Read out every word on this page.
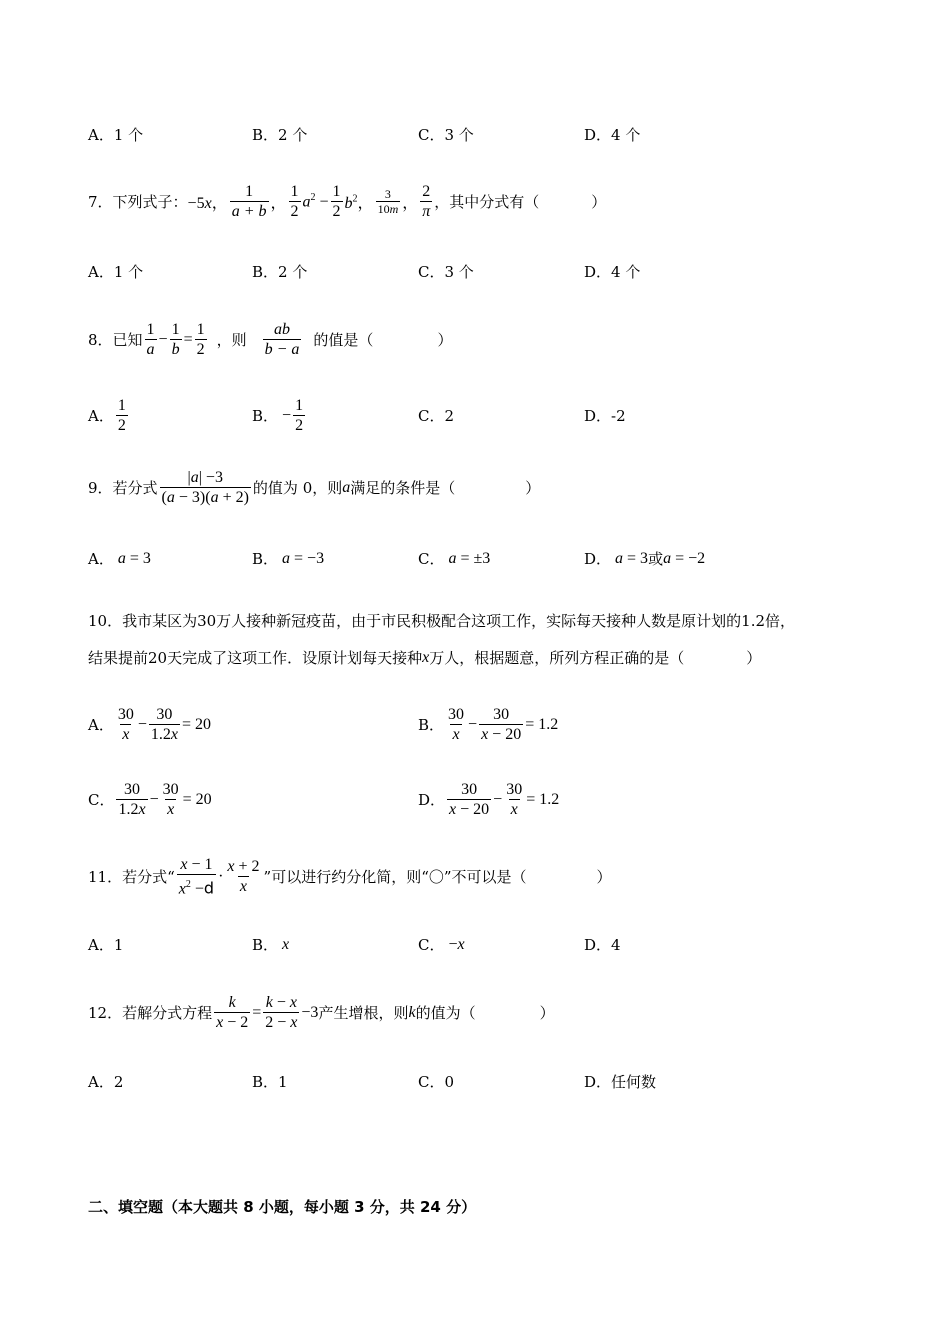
A．1 个	B．2 个	C．3 个	D．4 个
7．下列式子： −5x， $\frac{1}{a + b}$ ， $\frac{1}{2} a^2 - \frac{1}{2} b^2$， $\frac{3}{10m}$ ， $\frac{2}{\pi}$ ，其中分式有（	）
A．1 个	B．2 个	C．3 个	D．4 个
8．已知 $\frac{1}{a} - \frac{1}{b} = \frac{1}{2}$ ，则 $\frac{ab}{b - a}$ 的值是（	）
A． $\frac{1}{2}$	B． − $\frac{1}{2}$	C． 2	D． -2
9．若分式 $\frac{|a| -3}{(a - 3)(a + 2)}$ 的值为 0，则 a 满足的条件是（	）
A． a = 3	B． a = −3	C． a = ±3	D． a = 3 或 a = −2
10．我市某区为30万人接种新冠疫苗，由于市民积极配合这项工作，实际每天接种人数是原计划的1.2倍，
结果提前20天完成了这项工作．设原计划每天接种 x 万人，根据题意，所列方程正确的是（	）
A． $\frac{30}{x} - \frac{30}{1.2x} = 20$	B． $\frac{30}{x} - \frac{30}{x - 20} = 1.2$
C． $\frac{30}{1.2x} - \frac{30}{x} = 20$	D． $\frac{30}{x - 20} - \frac{30}{x} = 1.2$
11．若分式“ $\frac{x - 1}{x^2 -d} \cdot \frac{x + 2}{x}$ ”可以进行约分化简，则“〇”不可以是（	）
A．1	B． x	C． −x	D．4
12．若解分式方程 $\frac{k}{x - 2} = \frac{k - x}{2 - x} -3$ 产生增根，则 k 的值为（	）
A．2	B．1	C．0	D．任何数
二、填空题（本大题共 8 小题，每小题 3 分，共 24 分）
